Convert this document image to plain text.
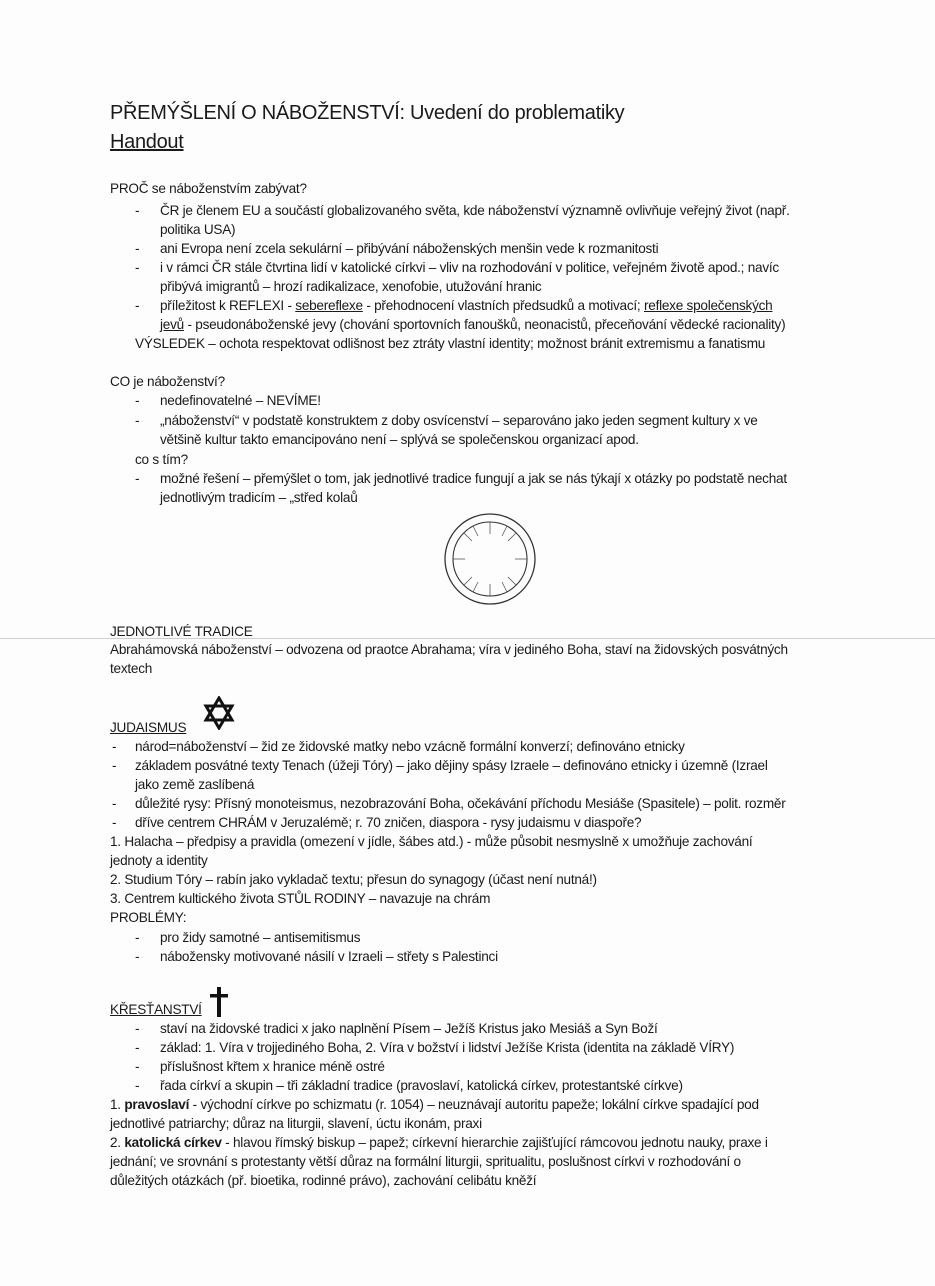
PŘEMÝŠLENÍ O NÁBOŽENSTVÍ: Uvedení do problematiky
Handout
PROČ se náboženstvím zabývat?
- ČR je členem EU a součástí globalizovaného světa, kde náboženství významně ovlivňuje veřejný život (např.
politika USA)
- ani Evropa není zcela sekulární – přibývání náboženských menšin vede k rozmanitosti
- i v rámci ČR stále čtvrtina lidí v katolické církvi – vliv na rozhodování v politice, veřejném životě apod.; navíc
přibývá imigrantů – hrozí radikalizace, xenofobie, utužování hranic
- příležitost k REFLEXI - sebereflexe - přehodnocení vlastních předsudků a motivací; reflexe společenských
jevů - pseudonáboženské jevy (chování sportovních fanoušků, neonacistů, přeceňování vědecké racionality)
VÝSLEDEK – ochota respektovat odlišnost bez ztráty vlastní identity; možnost bránit extremismu a fanatismu
CO je náboženství?
- nedefinovatelné – NEVÍME!
- „náboženství“ v podstatě konstruktem z doby osvícenství – separováno jako jeden segment kultury x ve
většině kultur takto emancipováno není – splývá se společenskou organizací apod.
co s tím?
- možné řešení – přemýšlet o tom, jak jednotlivé tradice fungují a jak se nás týkají x otázky po podstatě nechat
jednotlivým tradicím – „střed kolaů
JEDNOTLIVÉ TRADICE
Abrahámovská náboženství – odvozena od praotce Abrahama; víra v jediného Boha, staví na židovských posvátných
textech
JUDAISMUS
- národ=náboženství – žid ze židovské matky nebo vzácně formální konverzí; definováno etnicky
- základem posvátné texty Tenach (úžeji Tóry) – jako dějiny spásy Izraele – definováno etnicky i územně (Izrael
jako země zaslíbená
- důležité rysy: Přísný monoteismus, nezobrazování Boha, očekávání příchodu Mesiáše (Spasitele) – polit. rozměr
- dříve centrem CHRÁM v Jeruzalémě; r. 70 zničen, diaspora - rysy judaismu v diaspoře?
1. Halacha – předpisy a pravidla (omezení v jídle, šábes atd.) - může působit nesmyslně x umožňuje zachování
jednoty a identity
2. Studium Tóry – rabín jako vykladač textu; přesun do synagogy (účast není nutná!)
3. Centrem kultického života STŮL RODINY – navazuje na chrám
PROBLÉMY:
- pro židy samotné – antisemitismus
- nábožensky motivované násilí v Izraeli – střety s Palestinci
KŘESŤANSTVÍ
- staví na židovské tradici x jako naplnění Písem – Ježíš Kristus jako Mesiáš a Syn Boží
- základ: 1. Víra v trojjediného Boha, 2. Víra v božství i lidství Ježíše Krista (identita na základě VÍRY)
- příslušnost křtem x hranice méně ostré
- řada církví a skupin – tři základní tradice (pravoslaví, katolická církev, protestantské církve)
1. pravoslaví - východní církve po schizmatu (r. 1054) – neuznávají autoritu papeže; lokální církve spadající pod
jednotlivé patriarchy; důraz na liturgii, slavení, úctu ikonám, praxi
2. katolická církev - hlavou římský biskup – papež; církevní hierarchie zajišťující rámcovou jednotu nauky, praxe i
jednání; ve srovnání s protestanty větší důraz na formální liturgii, spritualitu, poslušnost církvi v rozhodování o
důležitých otázkách (př. bioetika, rodinné právo), zachování celibátu kněží
